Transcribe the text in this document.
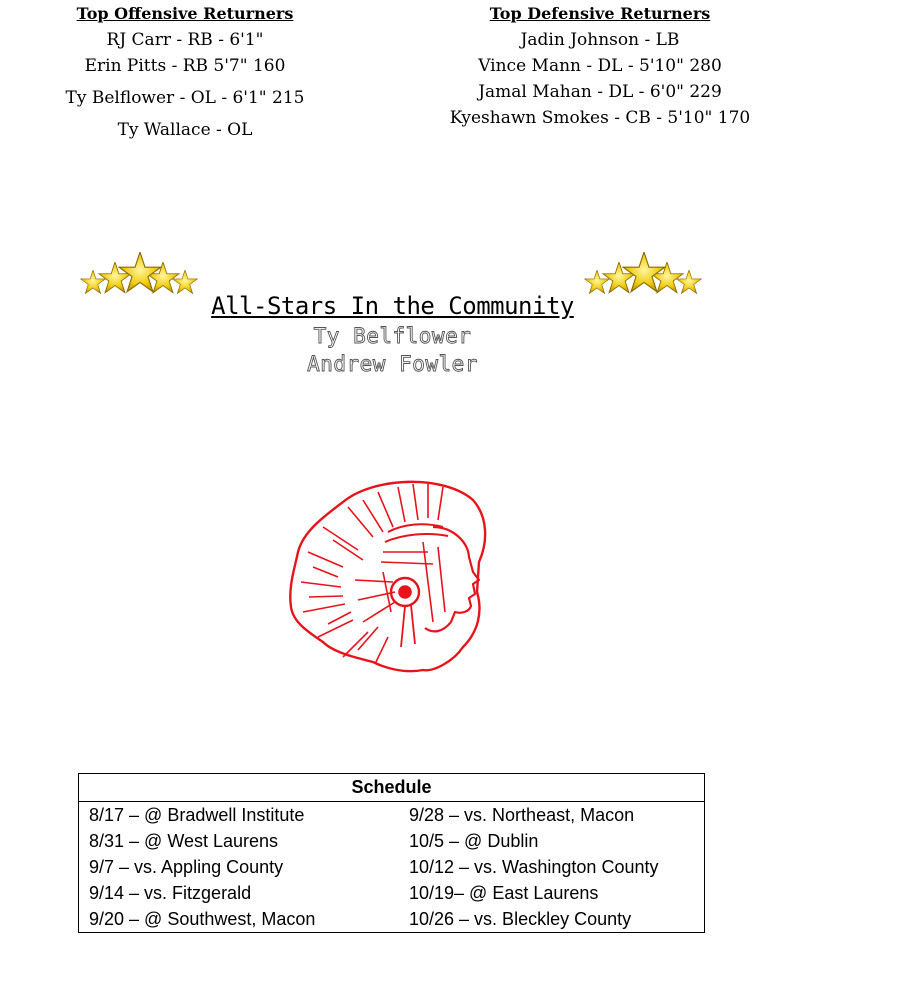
Top Offensive Returners
RJ Carr - RB - 6'1"
Erin Pitts - RB 5'7" 160
Ty Belflower - OL - 6'1" 215
Ty Wallace - OL
Top Defensive Returners
Jadin Johnson - LB
Vince Mann - DL - 5'10" 280
Jamal Mahan - DL - 6'0" 229
Kyeshawn Smokes - CB - 5'10" 170
All-Stars In the Community
Ty Belflower
Andrew Fowler
Schedule	
8/17 – @ Bradwell Institute	9/28 – vs. Northeast, Macon
8/31 – @ West Laurens	10/5 – @ Dublin
9/7 – vs. Appling County	10/12 – vs. Washington County
9/14 – vs. Fitzgerald	10/19– @ East Laurens
9/20 – @ Southwest, Macon	10/26 – vs. Bleckley County
